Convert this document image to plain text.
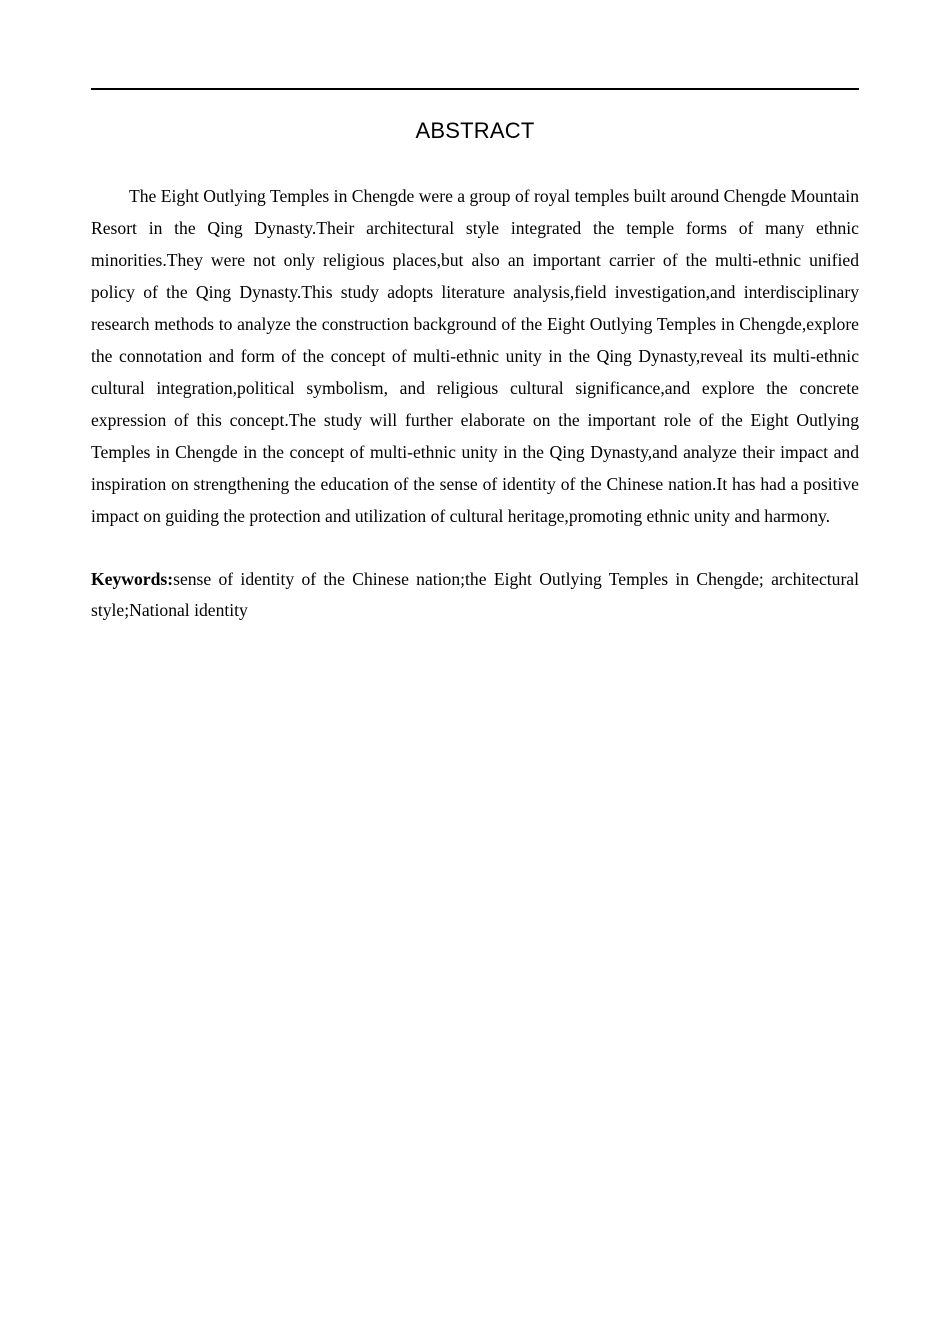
ABSTRACT

The Eight Outlying Temples in Chengde were a group of royal temples built around Chengde Mountain Resort in the Qing Dynasty.Their architectural style integrated the temple forms of many ethnic minorities.They were not only religious places,but also an important carrier of the multi-ethnic unified policy of the Qing Dynasty.This study adopts literature analysis,field investigation,and interdisciplinary research methods to analyze the construction background of the Eight Outlying Temples in Chengde,explore the connotation and form of the concept of multi-ethnic unity in the Qing Dynasty,reveal its multi-ethnic cultural integration,political symbolism, and religious cultural significance,and explore the concrete expression of this concept.The study will further elaborate on the important role of the Eight Outlying Temples in Chengde in the concept of multi-ethnic unity in the Qing Dynasty,and analyze their impact and inspiration on strengthening the education of the sense of identity of the Chinese nation.It has had a positive impact on guiding the protection and utilization of cultural heritage,promoting ethnic unity and harmony.

Keywords:sense of identity of the Chinese nation;the Eight Outlying Temples in Chengde; architectural style;National identity
